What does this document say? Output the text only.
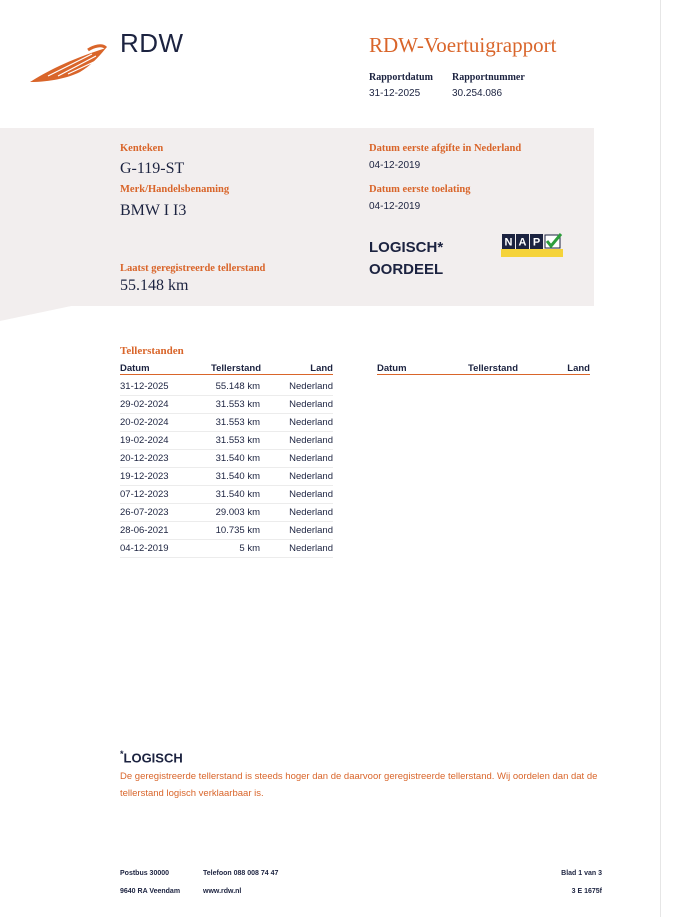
RDW	RDW-Voertuigrapport
Rapportdatum
31-12-2025
Rapportnummer
30.254.086
Kenteken
G-119-ST
Merk/Handelsbenaming
BMW I I3
Laatst geregistreerde tellerstand
55.148 km
Datum eerste afgifte in Nederland
04-12-2019
Datum eerste toelating
04-12-2019
LOGISCH*
OORDEEL
N A P
Tellerstanden
Datum	Tellerstand	Land	Datum	Tellerstand	Land
31-12-2025	55.148 km	Nederland
29-02-2024	31.553 km	Nederland
20-02-2024	31.553 km	Nederland
19-02-2024	31.553 km	Nederland
20-12-2023	31.540 km	Nederland
19-12-2023	31.540 km	Nederland
07-12-2023	31.540 km	Nederland
26-07-2023	29.003 km	Nederland
28-06-2021	10.735 km	Nederland
04-12-2019	5 km	Nederland
*LOGISCH
De geregistreerde tellerstand is steeds hoger dan de daarvoor geregistreerde tellerstand. Wij oordelen dan dat de tellerstand logisch verklaarbaar is.
Postbus 30000
9640 RA Veendam
Telefoon 088 008 74 47
www.rdw.nl
Blad 1 van 3
3 E 1675f
